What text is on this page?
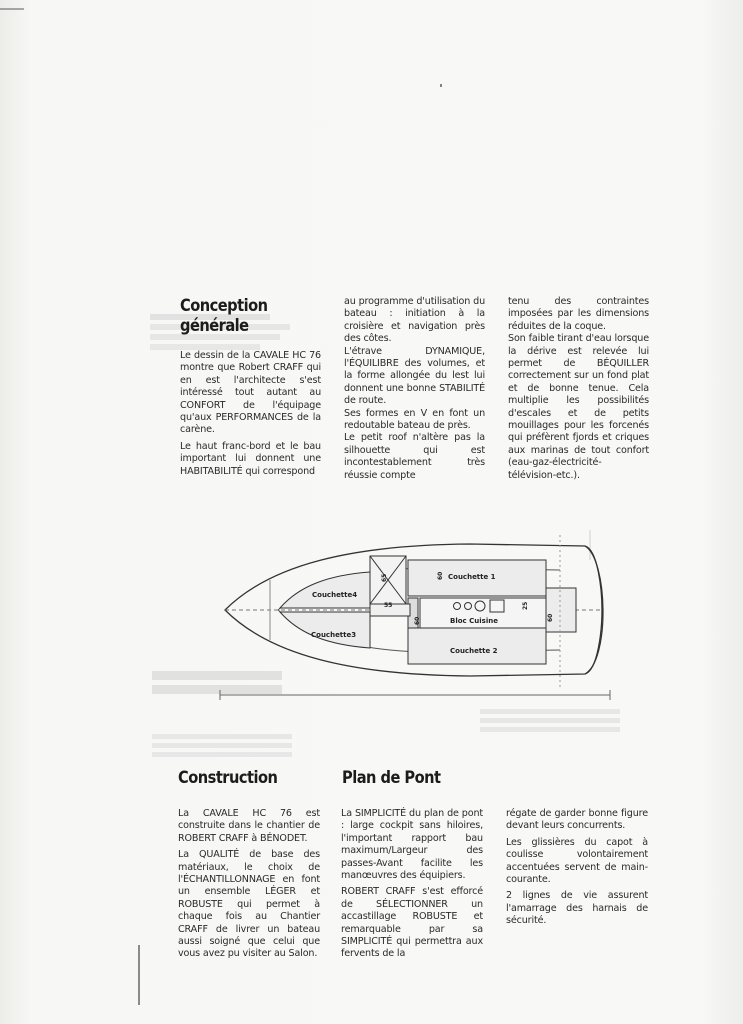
Conception
générale

Le dessin de la CAVALE HC 76 montre que Robert CRAFF qui en est l'architecte s'est intéressé tout autant au CONFORT de l'équipage qu'aux PERFORMANCES de la carène.

Le haut franc-bord et le bau important lui donnent une HABITABILITÉ qui correspond

au programme d'utilisation du bateau : initiation à la croisière et navigation près des côtes.

L'étrave DYNAMIQUE, l'ÉQUILIBRE des volumes, et la forme allongée du lest lui donnent une bonne STABILITÉ de route.

Ses formes en V en font un redoutable bateau de près.

Le petit roof n'altère pas la silhouette qui est incontestablement très réussie compte

tenu des contraintes imposées par les dimensions réduites de la coque.

Son faible tirant d'eau lorsque la dérive est relevée lui permet de BÉQUILLER correctement sur un fond plat et de bonne tenue. Cela multiplie les possibilités d'escales et de petits mouillages pour les forcenés qui préfèrent fjords et criques aux marinas de tout confort (eau-gaz-électricité-télévision-etc.).

Couchette 1
Couchette 2
Couchette3
Couchette4
Bloc Cuisine
65
55
60
60	60
25
Construction

La CAVALE HC 76 est construite dans le chantier de ROBERT CRAFF à BÉNODET.

La QUALITÉ de base des matériaux, le choix de l'ÉCHANTILLONNAGE en font un ensemble LÉGER et ROBUSTE qui permet à chaque fois au Chantier CRAFF de livrer un bateau aussi soigné que celui que vous avez pu visiter au Salon.

Plan de Pont

La SIMPLICITÉ du plan de pont : large cockpit sans hiloires, l'important rapport bau maximum/Largeur des passes-Avant facilite les manœuvres des équipiers.

ROBERT CRAFF s'est efforcé de SÉLECTIONNER un accastillage ROBUSTE et remarquable par sa SIMPLICITÉ qui permettra aux fervents de la

régate de garder bonne figure devant leurs concurrents.

Les glissières du capot à coulisse volontairement accentuées servent de main-courante.

2 lignes de vie assurent l'amarrage des harnais de sécurité.
